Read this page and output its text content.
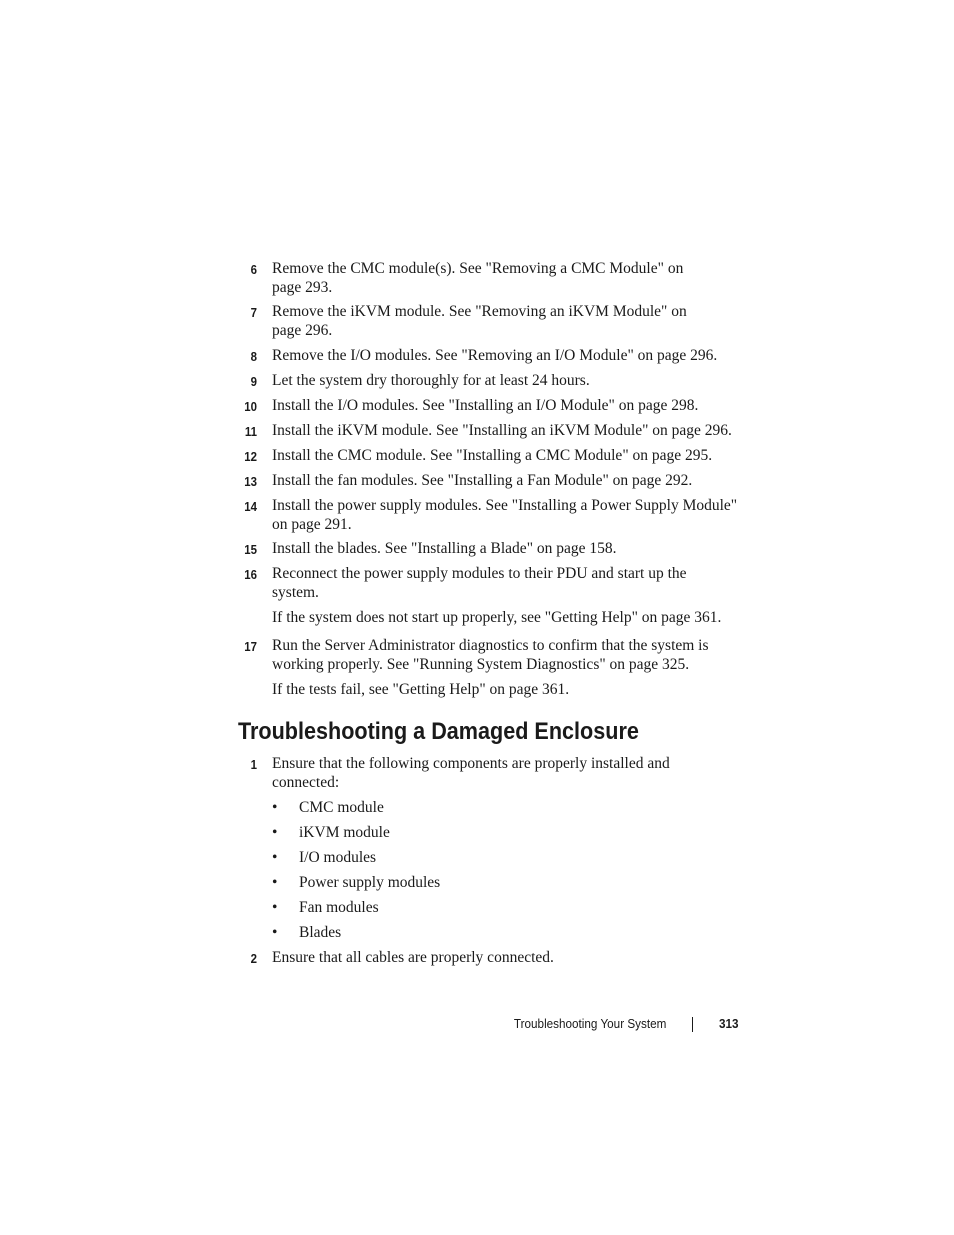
6 Remove the CMC module(s). See "Removing a CMC Module" on
page 293.
7 Remove the iKVM module. See "Removing an iKVM Module" on
page 296.
8 Remove the I/O modules. See "Removing an I/O Module" on page 296.
9 Let the system dry thoroughly for at least 24 hours.
10 Install the I/O modules. See "Installing an I/O Module" on page 298.
11 Install the iKVM module. See "Installing an iKVM Module" on page 296.
12 Install the CMC module. See "Installing a CMC Module" on page 295.
13 Install the fan modules. See "Installing a Fan Module" on page 292.
14 Install the power supply modules. See "Installing a Power Supply Module"
on page 291.
15 Install the blades. See "Installing a Blade" on page 158.
16 Reconnect the power supply modules to their PDU and start up the
system.
If the system does not start up properly, see "Getting Help" on page 361.
17 Run the Server Administrator diagnostics to confirm that the system is
working properly. See "Running System Diagnostics" on page 325.
If the tests fail, see "Getting Help" on page 361.
Troubleshooting a Damaged Enclosure
1 Ensure that the following components are properly installed and
connected:
• CMC module
• iKVM module
• I/O modules
• Power supply modules
• Fan modules
• Blades
2 Ensure that all cables are properly connected.
Troubleshooting Your System	313
